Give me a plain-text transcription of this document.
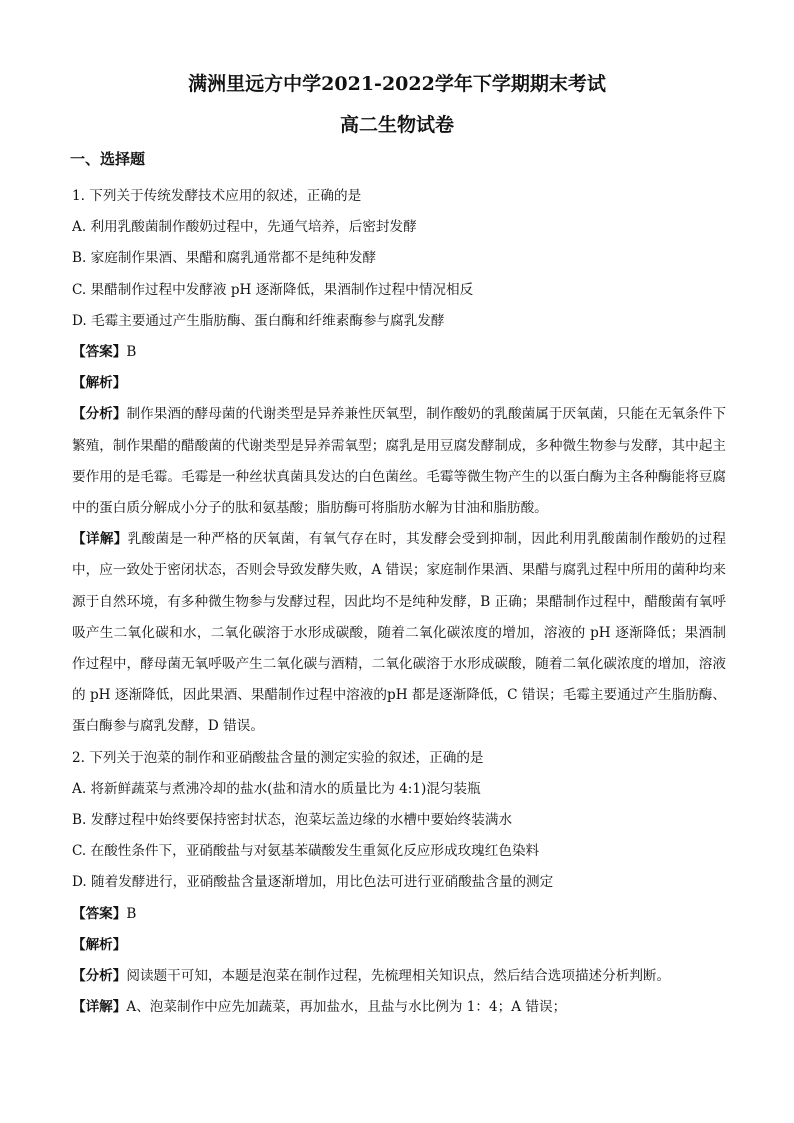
满洲里远方中学2021-2022学年下学期期末考试
高二生物试卷
一、选择题
1. 下列关于传统发酵技术应用的叙述，正确的是
A. 利用乳酸菌制作酸奶过程中，先通气培养，后密封发酵
B. 家庭制作果酒、果醋和腐乳通常都不是纯种发酵
C. 果醋制作过程中发酵液 pH 逐渐降低，果酒制作过程中情况相反
D. 毛霉主要通过产生脂肪酶、蛋白酶和纤维素酶参与腐乳发酵
【答案】B
【解析】
【分析】制作果酒的酵母菌的代谢类型是异养兼性厌氧型，制作酸奶的乳酸菌属于厌氧菌，只能在无氧条件下繁殖，制作果醋的醋酸菌的代谢类型是异养需氧型；腐乳是用豆腐发酵制成，多种微生物参与发酵，其中起主要作用的是毛霉。毛霉是一种丝状真菌具发达的白色菌丝。毛霉等微生物产生的以蛋白酶为主各种酶能将豆腐中的蛋白质分解成小分子的肽和氨基酸；脂肪酶可将脂肪水解为甘油和脂肪酸。
【详解】乳酸菌是一种严格的厌氧菌，有氧气存在时，其发酵会受到抑制，因此利用乳酸菌制作酸奶的过程中，应一致处于密闭状态，否则会导致发酵失败，A 错误；家庭制作果酒、果醋与腐乳过程中所用的菌种均来源于自然环境，有多种微生物参与发酵过程，因此均不是纯种发酵，B 正确；果醋制作过程中，醋酸菌有氧呼吸产生二氧化碳和水，二氧化碳溶于水形成碳酸，随着二氧化碳浓度的增加，溶液的 pH 逐渐降低；果酒制作过程中，酵母菌无氧呼吸产生二氧化碳与酒精，二氧化碳溶于水形成碳酸，随着二氧化碳浓度的增加，溶液的 pH 逐渐降低，因此果酒、果醋制作过程中溶液的pH 都是逐渐降低，C 错误；毛霉主要通过产生脂肪酶、蛋白酶参与腐乳发酵，D 错误。
2. 下列关于泡菜的制作和亚硝酸盐含量的测定实验的叙述，正确的是
A. 将新鲜蔬菜与煮沸冷却的盐水(盐和清水的质量比为 4:1)混匀装瓶
B. 发酵过程中始终要保持密封状态，泡菜坛盖边缘的水槽中要始终装满水
C. 在酸性条件下，亚硝酸盐与对氨基苯磺酸发生重氮化反应形成玫瑰红色染料
D. 随着发酵进行，亚硝酸盐含量逐渐增加，用比色法可进行亚硝酸盐含量的测定
【答案】B
【解析】
【分析】阅读题干可知，本题是泡菜在制作过程，先梳理相关知识点，然后结合选项描述分析判断。
【详解】A、泡菜制作中应先加蔬菜，再加盐水，且盐与水比例为 1：4；A 错误；
